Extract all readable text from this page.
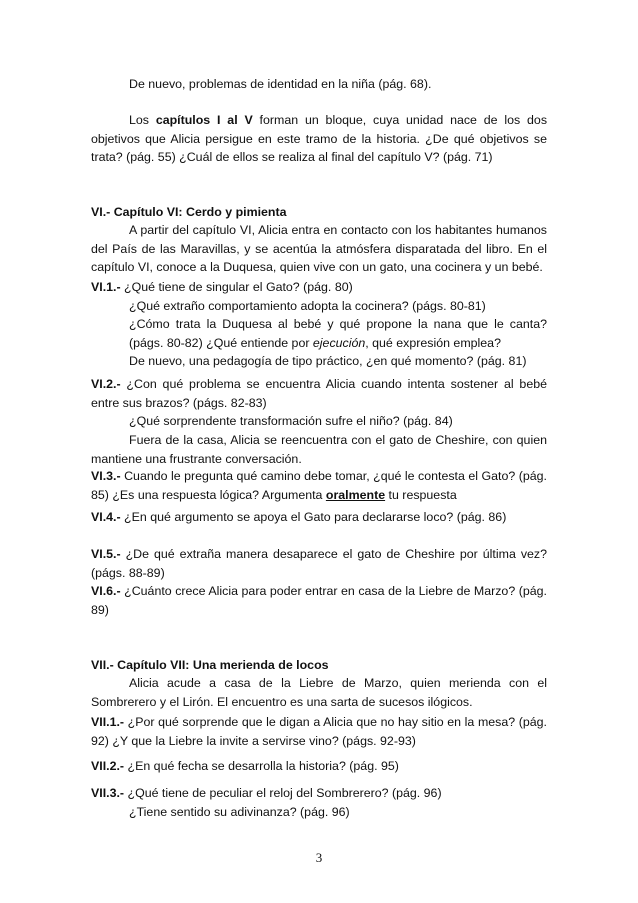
De nuevo, problemas de identidad en la niña (pág. 68).

Los capítulos I al V forman un bloque, cuya unidad nace de los dos objetivos que Alicia persigue en este tramo de la historia. ¿De qué objetivos se trata? (pág. 55) ¿Cuál de ellos se realiza al final del capítulo V? (pág. 71)

VI.- Capítulo VI: Cerdo y pimienta

A partir del capítulo VI, Alicia entra en contacto con los habitantes humanos del País de las Maravillas, y se acentúa la atmósfera disparatada del libro. En el capítulo VI, conoce a la Duquesa, quien vive con un gato, una cocinera y un bebé.

VI.1.- ¿Qué tiene de singular el Gato? (pág. 80)
¿Qué extraño comportamiento adopta la cocinera? (págs. 80-81)
¿Cómo trata la Duquesa al bebé y qué propone la nana que le canta? (págs. 80-82) ¿Qué entiende por ejecución, qué expresión emplea?
De nuevo, una pedagogía de tipo práctico, ¿en qué momento? (pág. 81)
VI.2.- ¿Con qué problema se encuentra Alicia cuando intenta sostener al bebé entre sus brazos? (págs. 82-83)
¿Qué sorprendente transformación sufre el niño? (pág. 84)

Fuera de la casa, Alicia se reencuentra con el gato de Cheshire, con quien mantiene una frustrante conversación.

VI.3.- Cuando le pregunta qué camino debe tomar, ¿qué le contesta el Gato? (pág. 85) ¿Es una respuesta lógica? Argumenta oralmente tu respuesta
VI.4.- ¿En qué argumento se apoya el Gato para declararse loco? (pág. 86)
VI.5.- ¿De qué extraña manera desaparece el gato de Cheshire por última vez? (págs. 88-89)
VI.6.- ¿Cuánto crece Alicia para poder entrar en casa de la Liebre de Marzo? (pág. 89)

VII.- Capítulo VII: Una merienda de locos

Alicia acude a casa de la Liebre de Marzo, quien merienda con el Sombrerero y el Lirón. El encuentro es una sarta de sucesos ilógicos.

VII.1.- ¿Por qué sorprende que le digan a Alicia que no hay sitio en la mesa? (pág. 92) ¿Y que la Liebre la invite a servirse vino? (págs. 92-93)
VII.2.- ¿En qué fecha se desarrolla la historia? (pág. 95)
VII.3.- ¿Qué tiene de peculiar el reloj del Sombrerero? (pág. 96)
¿Tiene sentido su adivinanza? (pág. 96)
3
